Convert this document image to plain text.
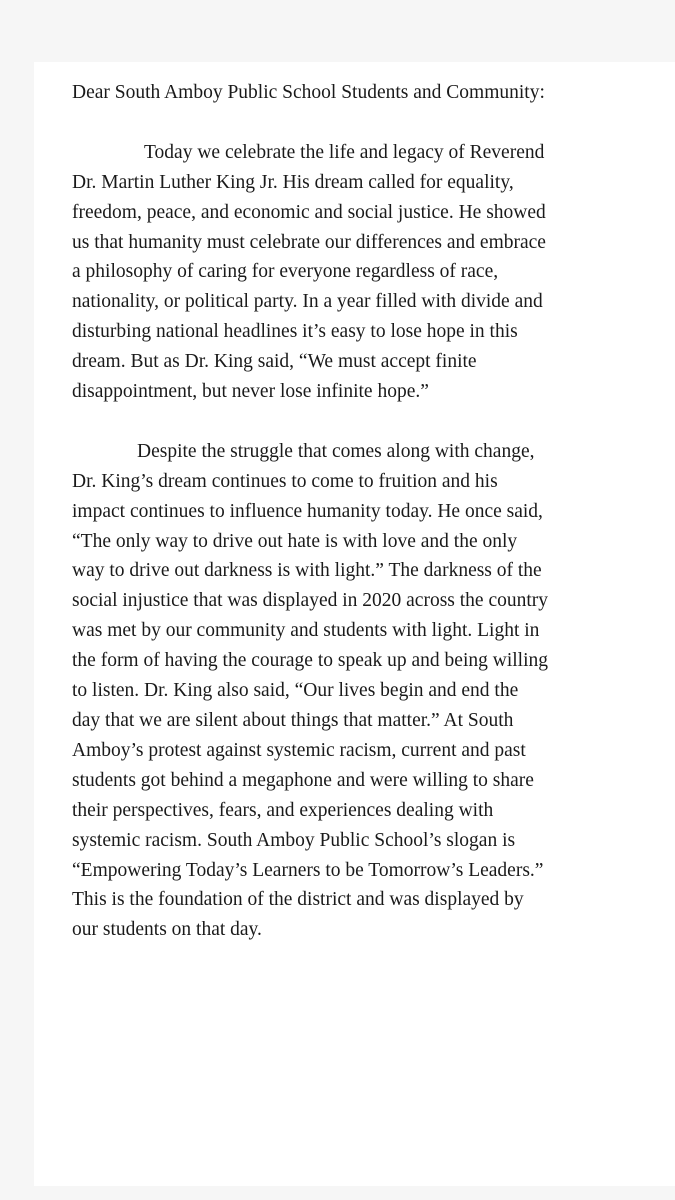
Dear South Amboy Public School Students and Community:

Today we celebrate the life and legacy of Reverend
Dr. Martin Luther King Jr. His dream called for equality,
freedom, peace, and economic and social justice. He showed
us that humanity must celebrate our differences and embrace
a philosophy of caring for everyone regardless of race,
nationality, or political party. In a year filled with divide and
disturbing national headlines it’s easy to lose hope in this
dream. But as Dr. King said, “We must accept finite
disappointment, but never lose infinite hope.”

Despite the struggle that comes along with change,
Dr. King’s dream continues to come to fruition and his
impact continues to influence humanity today. He once said,
“The only way to drive out hate is with love and the only
way to drive out darkness is with light.” The darkness of the
social injustice that was displayed in 2020 across the country
was met by our community and students with light. Light in
the form of having the courage to speak up and being willing
to listen. Dr. King also said, “Our lives begin and end the
day that we are silent about things that matter.” At South
Amboy’s protest against systemic racism, current and past
students got behind a megaphone and were willing to share
their perspectives, fears, and experiences dealing with
systemic racism. South Amboy Public School’s slogan is
“Empowering Today’s Learners to be Tomorrow’s Leaders.”
This is the foundation of the district and was displayed by
our students on that day.
